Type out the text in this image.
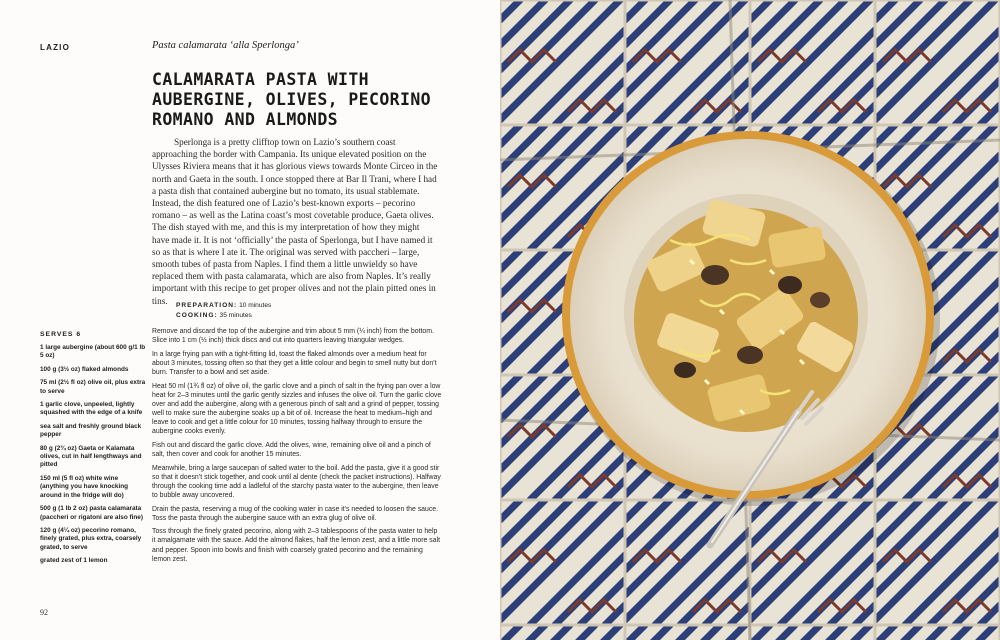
LAZIO	Pasta calamarata ‘alla Sperlonga’
CALAMARATA PASTA WITH AUBERGINE, OLIVES, PECORINO ROMANO AND ALMONDS

Sperlonga is a pretty clifftop town on Lazio’s southern coast approaching the border with Campania. Its unique elevated position on the Ulysses Riviera means that it has glorious views towards Monte Circeo in the north and Gaeta in the south. I once stopped there at Bar Il Trani, where I had a pasta dish that contained aubergine but no tomato, its usual stablemate. Instead, the dish featured one of Lazio’s best-known exports – pecorino romano – as well as the Latina coast’s most covetable produce, Gaeta olives. The dish stayed with me, and this is my interpretation of how they might have made it. It is not ‘officially’ the pasta of Sperlonga, but I have named it so as that is where I ate it. The original was served with paccheri – large, smooth tubes of pasta from Naples. I find them a little unwieldy so have replaced them with pasta calamarata, which are also from Naples. It’s really important with this recipe to get proper olives and not the plain pitted ones in tins.	PREPARATION: 10 minutes
COOKING: 35 minutes
SERVES 6
1 large aubergine (about 600 g/1 lb 5 oz)
100 g (3½ oz) flaked almonds
75 ml (2½ fl oz) olive oil, plus extra to serve
1 garlic clove, unpeeled, lightly squashed with the edge of a knife
sea salt and freshly ground black pepper
80 g (2¾ oz) Gaeta or Kalamata olives, cut in half lengthways and pitted
150 ml (5 fl oz) white wine (anything you have knocking around in the fridge will do)
500 g (1 lb 2 oz) pasta calamarata (paccheri or rigatoni are also fine)
120 g (4¼ oz) pecorino romano, finely grated, plus extra, coarsely grated, to serve
grated zest of 1 lemon

Remove and discard the top of the aubergine and trim about 5 mm (¼ inch) from the bottom. Slice into 1 cm (½ inch) thick discs and cut into quarters leaving triangular wedges.

In a large frying pan with a tight-fitting lid, toast the flaked almonds over a medium heat for about 3 minutes, tossing often so that they get a little colour and begin to smell nutty but don’t burn. Transfer to a bowl and set aside.

Heat 50 ml (1¾ fl oz) of olive oil, the garlic clove and a pinch of salt in the frying pan over a low heat for 2–3 minutes until the garlic gently sizzles and infuses the olive oil. Turn the garlic clove over and add the aubergine, along with a generous pinch of salt and a grind of pepper, tossing well to make sure the aubergine soaks up a bit of oil. Increase the heat to medium–high and leave to cook and get a little colour for 10 minutes, tossing halfway through to ensure the aubergine cooks evenly.

Fish out and discard the garlic clove. Add the olives, wine, remaining olive oil and a pinch of salt, then cover and cook for another 15 minutes.

Meanwhile, bring a large saucepan of salted water to the boil. Add the pasta, give it a good stir so that it doesn’t stick together, and cook until al dente (check the packet instructions). Halfway through the cooking time add a ladleful of the starchy pasta water to the aubergine, then leave to bubble away uncovered.

Drain the pasta, reserving a mug of the cooking water in case it’s needed to loosen the sauce. Toss the pasta through the aubergine sauce with an extra glug of olive oil.

Toss through the finely grated pecorino, along with 2–3 tablespoons of the pasta water to help it amalgamate with the sauce. Add the almond flakes, half the lemon zest, and a little more salt and pepper. Spoon into bowls and finish with coarsely grated pecorino and the remaining lemon zest.

92
